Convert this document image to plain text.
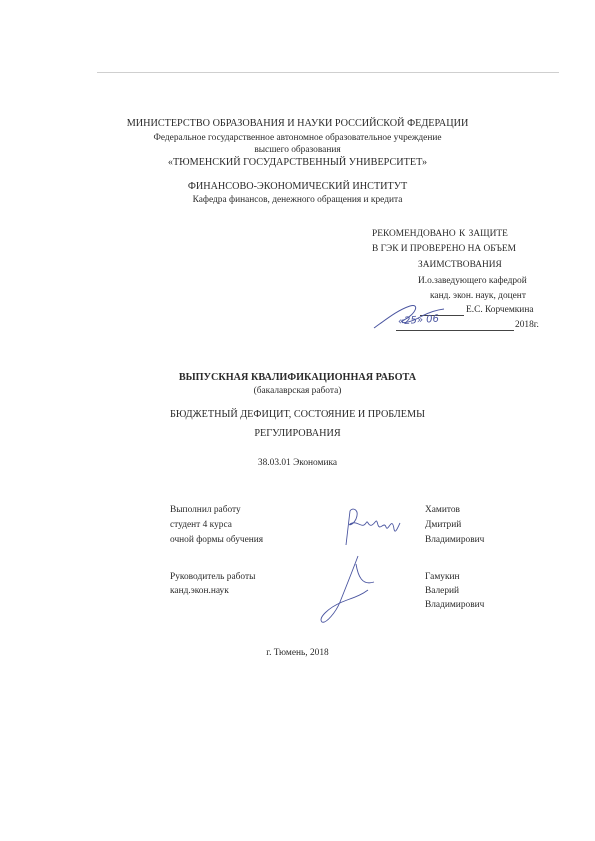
МИНИСТЕРСТВО ОБРАЗОВАНИЯ И НАУКИ РОССИЙСКОЙ ФЕДЕРАЦИИ
Федеральное государственное автономное образовательное учреждение
высшего образования
«ТЮМЕНСКИЙ ГОСУДАРСТВЕННЫЙ УНИВЕРСИТЕТ»
ФИНАНСОВО-ЭКОНОМИЧЕСКИЙ ИНСТИТУТ
Кафедра финансов, денежного обращения и кредита
РЕКОМЕНДОВАНО К ЗАЩИТЕ
В ГЭК И ПРОВЕРЕНО НА ОБЪЕМ
ЗАИМСТВОВАНИЯ
И.о.заведующего кафедрой
канд. экон. наук, доцент
Е.С. Корчемкина
2018г.
«25» 06
ВЫПУСКНАЯ КВАЛИФИКАЦИОННАЯ РАБОТА
(бакалаврская работа)
БЮДЖЕТНЫЙ ДЕФИЦИТ, СОСТОЯНИЕ И ПРОБЛЕМЫ
РЕГУЛИРОВАНИЯ
38.03.01 Экономика
Выполнил работу
студент 4 курса
очной формы обучения
Хамитов
Дмитрий
Владимирович
Руководитель работы
канд.экон.наук
Гамукин
Валерий
Владимирович
г. Тюмень, 2018
